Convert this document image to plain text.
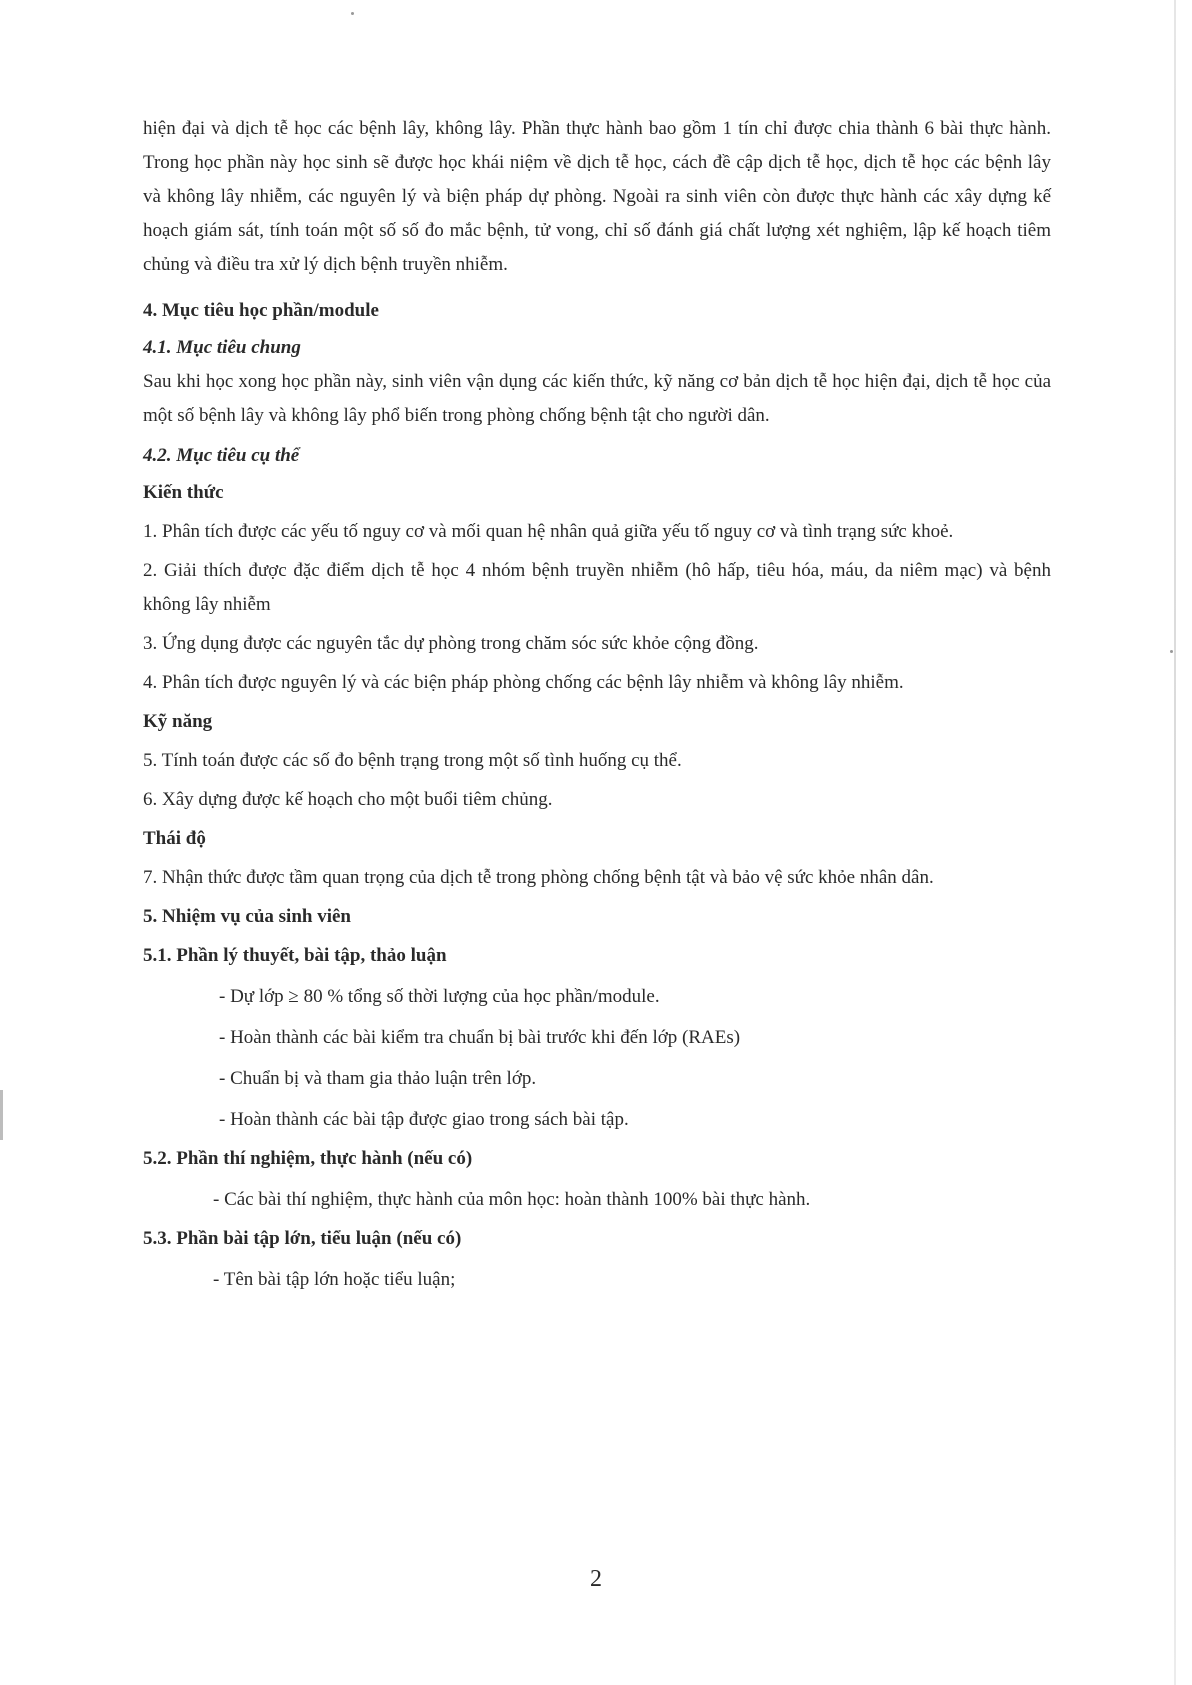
hiện đại và dịch tễ học các bệnh lây, không lây. Phần thực hành bao gồm 1 tín chỉ được chia thành 6 bài thực hành. Trong học phần này học sinh sẽ được học khái niệm về dịch tễ học, cách đề cập dịch tễ học, dịch tễ học các bệnh lây và không lây nhiễm, các nguyên lý và biện pháp dự phòng. Ngoài ra sinh viên còn được thực hành các xây dựng kế hoạch giám sát, tính toán một số số đo mắc bệnh, tử vong, chỉ số đánh giá chất lượng xét nghiệm, lập kế hoạch tiêm chủng và điều tra xử lý dịch bệnh truyền nhiễm.

4. Mục tiêu học phần/module

4.1. Mục tiêu chung

Sau khi học xong học phần này, sinh viên vận dụng các kiến thức, kỹ năng cơ bản dịch tễ học hiện đại, dịch tễ học của một số bệnh lây và không lây phổ biến trong phòng chống bệnh tật cho người dân.

4.2. Mục tiêu cụ thể

Kiến thức

1. Phân tích được các yếu tố nguy cơ và mối quan hệ nhân quả giữa yếu tố nguy cơ và tình trạng sức khoẻ.

2. Giải thích được đặc điểm dịch tễ học 4 nhóm bệnh truyền nhiễm (hô hấp, tiêu hóa, máu, da niêm mạc) và bệnh không lây nhiễm

3. Ứng dụng được các nguyên tắc dự phòng trong chăm sóc sức khỏe cộng đồng.

4. Phân tích được nguyên lý và các biện pháp phòng chống các bệnh lây nhiễm và không lây nhiễm.

Kỹ năng

5. Tính toán được các số đo bệnh trạng trong một số tình huống cụ thể.

6. Xây dựng được kế hoạch cho một buổi tiêm chủng.

Thái độ

7. Nhận thức được tầm quan trọng của dịch tễ trong phòng chống bệnh tật và bảo vệ sức khỏe nhân dân.

5. Nhiệm vụ của sinh viên

5.1. Phần lý thuyết, bài tập, thảo luận

- Dự lớp ≥ 80 % tổng số thời lượng của học phần/module.

- Hoàn thành các bài kiểm tra chuẩn bị bài trước khi đến lớp (RAEs)

- Chuẩn bị và tham gia thảo luận trên lớp.

- Hoàn thành các bài tập được giao trong sách bài tập.

5.2. Phần thí nghiệm, thực hành (nếu có)

- Các bài thí nghiệm, thực hành của môn học: hoàn thành 100% bài thực hành.

5.3. Phần bài tập lớn, tiểu luận (nếu có)

- Tên bài tập lớn hoặc tiểu luận;

2
